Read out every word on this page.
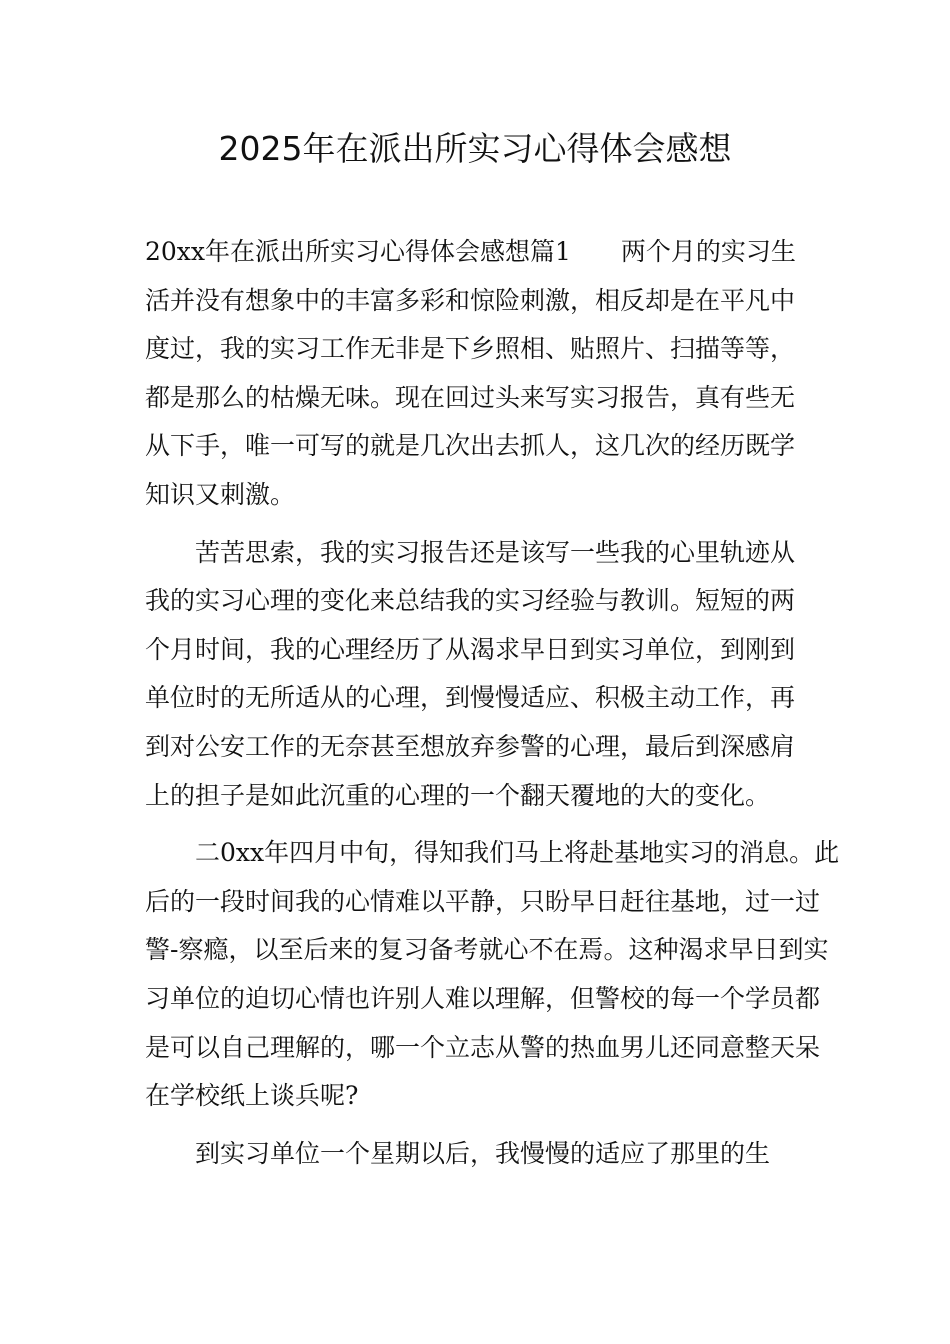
2025年在派出所实习心得体会感想

20xx年在派出所实习心得体会感想篇1　　两个月的实习生活并没有想象中的丰富多彩和惊险刺激，相反却是在平凡中度过，我的实习工作无非是下乡照相、贴照片、扫描等等，都是那么的枯燥无味。现在回过头来写实习报告，真有些无从下手，唯一可写的就是几次出去抓人，这几次的经历既学知识又刺激。

苦苦思索，我的实习报告还是该写一些我的心里轨迹从我的实习心理的变化来总结我的实习经验与教训。短短的两个月时间，我的心理经历了从渴求早日到实习单位，到刚到单位时的无所适从的心理，到慢慢适应、积极主动工作，再到对公安工作的无奈甚至想放弃参警的心理，最后到深感肩上的担子是如此沉重的心理的一个翻天覆地的大的变化。

二0xx年四月中旬，得知我们马上将赴基地实习的消息。此后的一段时间我的心情难以平静，只盼早日赶往基地，过一过警-察瘾，以至后来的复习备考就心不在焉。这种渴求早日到实习单位的迫切心情也许别人难以理解，但警校的每一个学员都是可以自己理解的，哪一个立志从警的热血男儿还同意整天呆在学校纸上谈兵呢?

到实习单位一个星期以后，我慢慢的适应了那里的生
